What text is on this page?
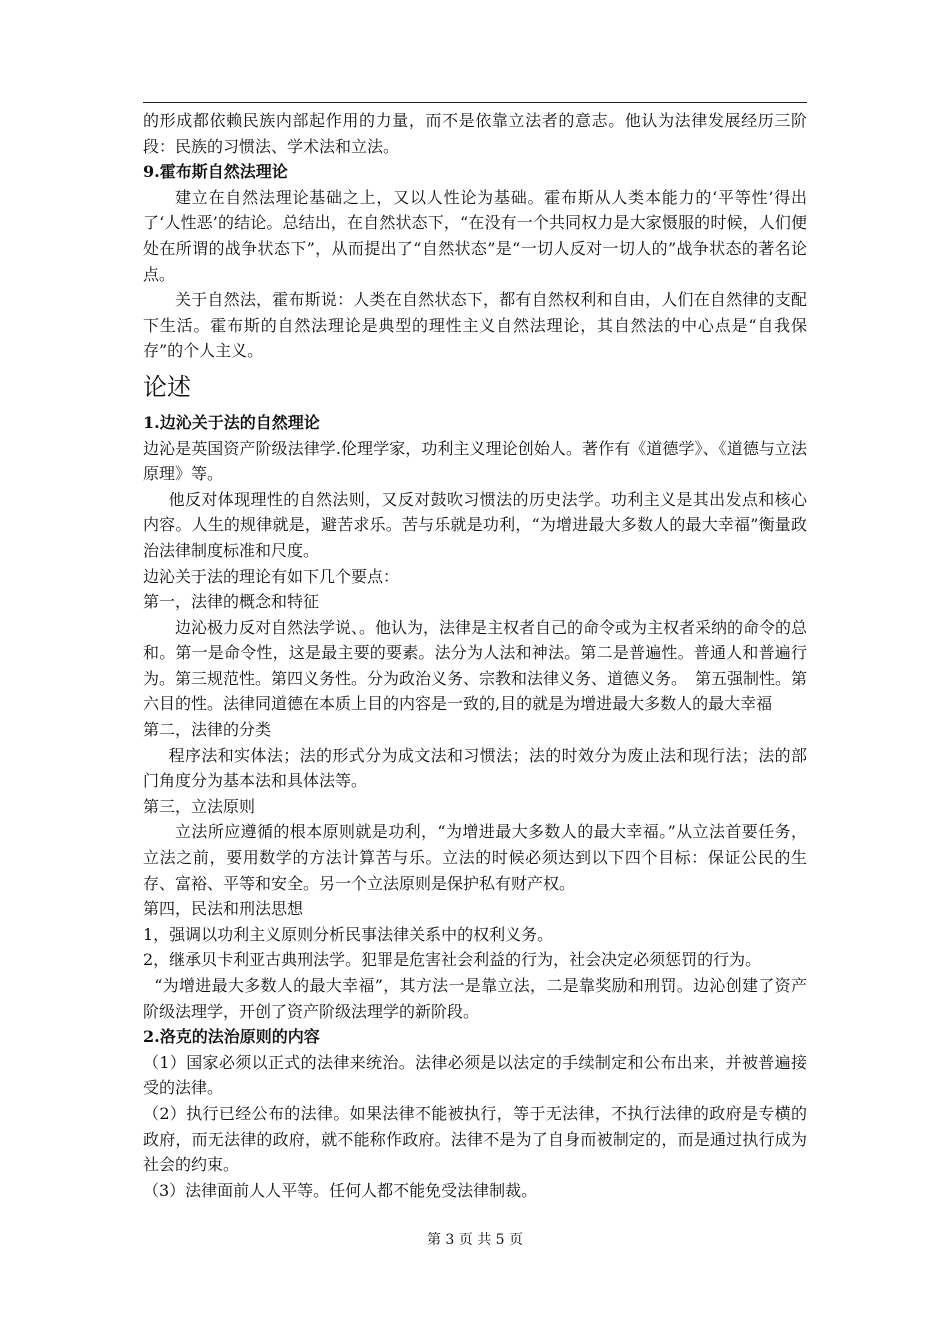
的形成都依赖民族内部起作用的力量，而不是依靠立法者的意志。他认为法律发展经历三阶段：民族的习惯法、学术法和立法。

9.霍布斯自然法理论

建立在自然法理论基础之上，又以人性论为基础。霍布斯从人类本能力的‘平等性’得出了‘人性恶’的结论。总结出，在自然状态下，“在没有一个共同权力是大家慑服的时候，人们便处在所谓的战争状态下”，从而提出了“自然状态”是“一切人反对一切人的”战争状态的著名论点。

关于自然法，霍布斯说：人类在自然状态下，都有自然权利和自由，人们在自然律的支配下生活。霍布斯的自然法理论是典型的理性主义自然法理论，其自然法的中心点是“自我保存”的个人主义。

论述

1.边沁关于法的自然理论

边沁是英国资产阶级法律学.伦理学家，功利主义理论创始人。著作有《道德学》、《道德与立法原理》等。

他反对体现理性的自然法则，又反对鼓吹习惯法的历史法学。功利主义是其出发点和核心内容。人生的规律就是，避苦求乐。苦与乐就是功利，“为增进最大多数人的最大幸福”衡量政治法律制度标准和尺度。

边沁关于法的理论有如下几个要点：

第一，法律的概念和特征

边沁极力反对自然法学说、。他认为，法律是主权者自己的命令或为主权者采纳的命令的总和。第一是命令性，这是最主要的要素。法分为人法和神法。第二是普遍性。普通人和普遍行为。第三规范性。第四义务性。分为政治义务、宗教和法律义务、道德义务。　第五强制性。第六目的性。法律同道德在本质上目的内容是一致的,目的就是为增进最大多数人的最大幸福

第二，法律的分类

程序法和实体法；法的形式分为成文法和习惯法；法的时效分为废止法和现行法；法的部门角度分为基本法和具体法等。

第三，立法原则

立法所应遵循的根本原则就是功利，“为增进最大多数人的最大幸福。”从立法首要任务，立法之前，要用数学的方法计算苦与乐。立法的时候必须达到以下四个目标：保证公民的生存、富裕、平等和安全。另一个立法原则是保护私有财产权。

第四，民法和刑法思想

1，强调以功利主义原则分析民事法律关系中的权利义务。

2，继承贝卡利亚古典刑法学。犯罪是危害社会利益的行为，社会决定必须惩罚的行为。

“为增进最大多数人的最大幸福”，其方法一是靠立法，二是靠奖励和刑罚。边沁创建了资产阶级法理学，开创了资产阶级法理学的新阶段。

2.洛克的法治原则的内容

（1）国家必须以正式的法律来统治。法律必须是以法定的手续制定和公布出来，并被普遍接受的法律。

（2）执行已经公布的法律。如果法律不能被执行，等于无法律，不执行法律的政府是专横的政府，而无法律的政府，就不能称作政府。法律不是为了自身而被制定的，而是通过执行成为社会的约束。

（3）法律面前人人平等。任何人都不能免受法律制裁。

第 3 页 共 5 页
